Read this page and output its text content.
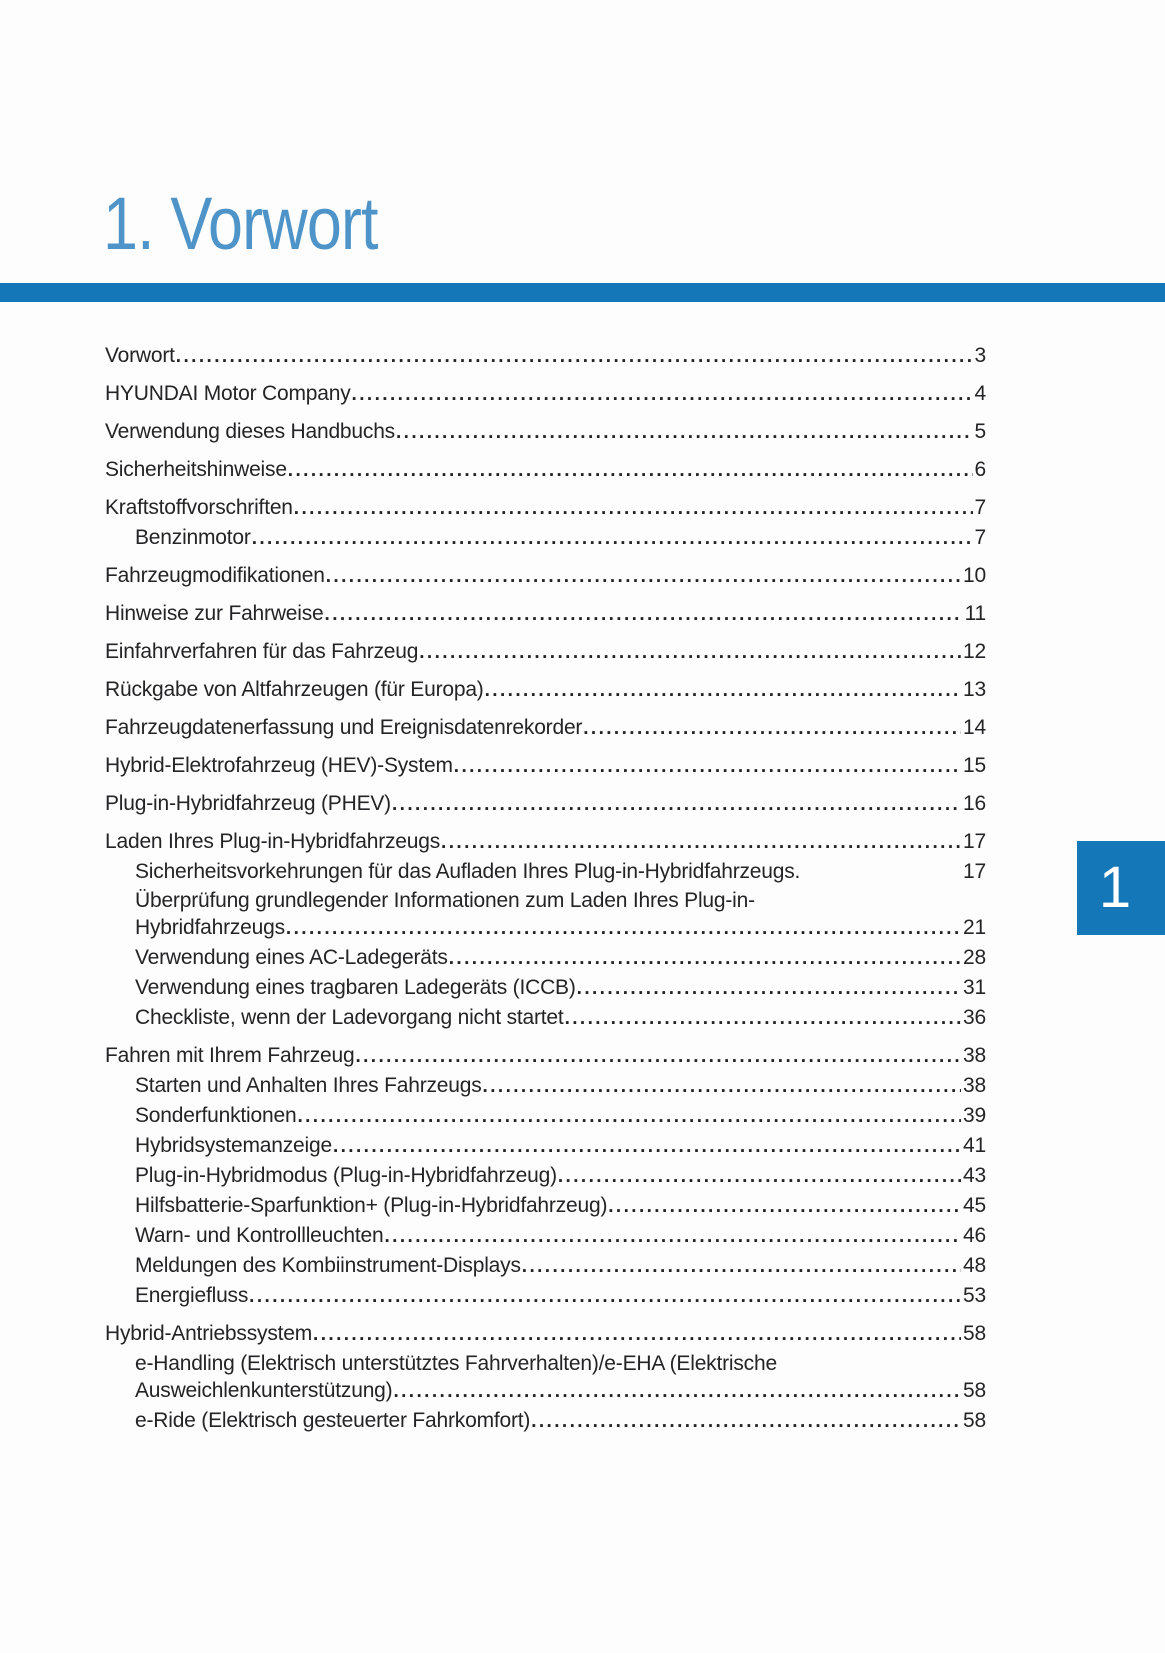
1. Vorwort
Vorwort .....	3
HYUNDAI Motor Company .....	4
Verwendung dieses Handbuchs .....	5
Sicherheitshinweise .....	6
Kraftstoffvorschriften .....	7
Benzinmotor .....	7
Fahrzeugmodifikationen .....	10
Hinweise zur Fahrweise .....	11
Einfahrverfahren für das Fahrzeug .....	12
Rückgabe von Altfahrzeugen (für Europa) .....	13
Fahrzeugdatenerfassung und Ereignisdatenrekorder .....	14
Hybrid-Elektrofahrzeug (HEV)-System .....	15
Plug-in-Hybridfahrzeug (PHEV) .....	16
Laden Ihres Plug-in-Hybridfahrzeugs .....	17
Sicherheitsvorkehrungen für das Aufladen Ihres Plug-in-Hybridfahrzeugs.	17
Überprüfung grundlegender Informationen zum Laden Ihres Plug-in-
Hybridfahrzeugs .....	21
Verwendung eines AC-Ladegeräts .....	28
Verwendung eines tragbaren Ladegeräts (ICCB) .....	31
Checkliste, wenn der Ladevorgang nicht startet .....	36
Fahren mit Ihrem Fahrzeug .....	38
Starten und Anhalten Ihres Fahrzeugs .....	38
Sonderfunktionen .....	39
Hybridsystemanzeige .....	41
Plug-in-Hybridmodus (Plug-in-Hybridfahrzeug) .....	43
Hilfsbatterie-Sparfunktion+ (Plug-in-Hybridfahrzeug) .....	45
Warn- und Kontrollleuchten .....	46
Meldungen des Kombiinstrument-Displays .....	48
Energiefluss .....	53
Hybrid-Antriebssystem .....	58
e-Handling (Elektrisch unterstütztes Fahrverhalten)/e-EHA (Elektrische
Ausweichlenkunterstützung) .....	58
e-Ride (Elektrisch gesteuerter Fahrkomfort) .....	58
1
